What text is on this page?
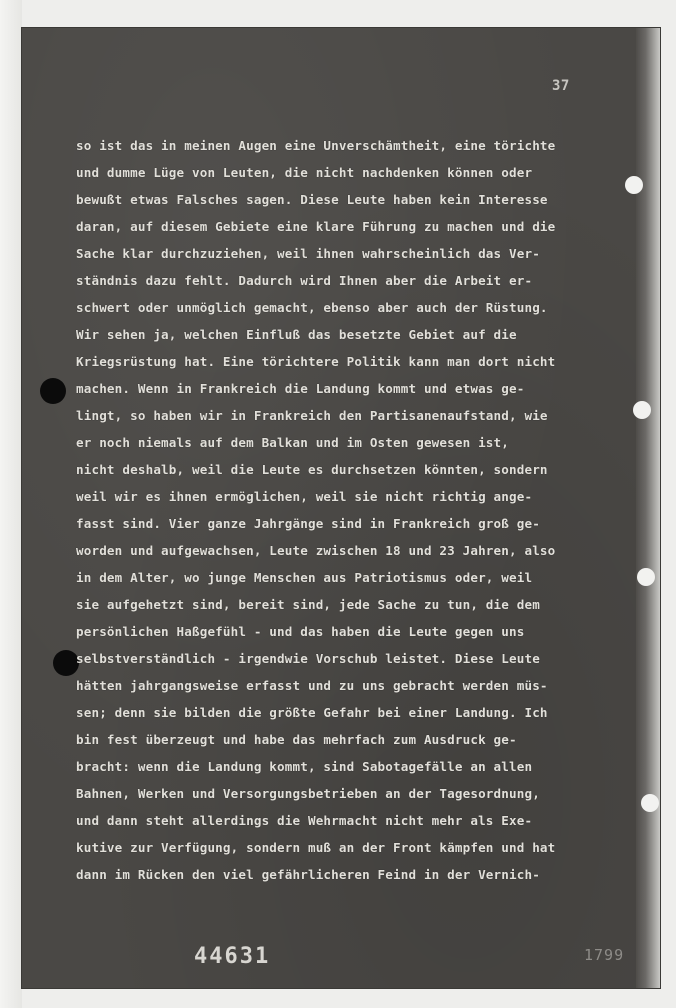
37
so ist das in meinen Augen eine Unverschämtheit, eine törichte
und dumme Lüge von Leuten, die nicht nachdenken können oder
bewußt etwas Falsches sagen. Diese Leute haben kein Interesse
daran, auf diesem Gebiete eine klare Führung zu machen und die
Sache klar durchzuziehen, weil ihnen wahrscheinlich das Ver-
ständnis dazu fehlt. Dadurch wird Ihnen aber die Arbeit er-
schwert oder unmöglich gemacht, ebenso aber auch der Rüstung.
Wir sehen ja, welchen Einfluß das besetzte Gebiet auf die
Kriegsrüstung hat. Eine törichtere Politik kann man dort nicht
machen. Wenn in Frankreich die Landung kommt und etwas ge-
lingt, so haben wir in Frankreich den Partisanenaufstand, wie
er noch niemals auf dem Balkan und im Osten gewesen ist,
nicht deshalb, weil die Leute es durchsetzen könnten, sondern
weil wir es ihnen ermöglichen, weil sie nicht richtig ange-
fasst sind. Vier ganze Jahrgänge sind in Frankreich groß ge-
worden und aufgewachsen, Leute zwischen 18 und 23 Jahren, also
in dem Alter, wo junge Menschen aus Patriotismus oder, weil
sie aufgehetzt sind, bereit sind, jede Sache zu tun, die dem
persönlichen Haßgefühl - und das haben die Leute gegen uns
selbstverständlich - irgendwie Vorschub leistet. Diese Leute
hätten jahrgangsweise erfasst und zu uns gebracht werden müs-
sen; denn sie bilden die größte Gefahr bei einer Landung. Ich
bin fest überzeugt und habe das mehrfach zum Ausdruck ge-
bracht: wenn die Landung kommt, sind Sabotagefälle an allen
Bahnen, Werken und Versorgungsbetrieben an der Tagesordnung,
und dann steht allerdings die Wehrmacht nicht mehr als Exe-
kutive zur Verfügung, sondern muß an der Front kämpfen und hat
dann im Rücken den viel gefährlicheren Feind in der Vernich-
44631	1799
